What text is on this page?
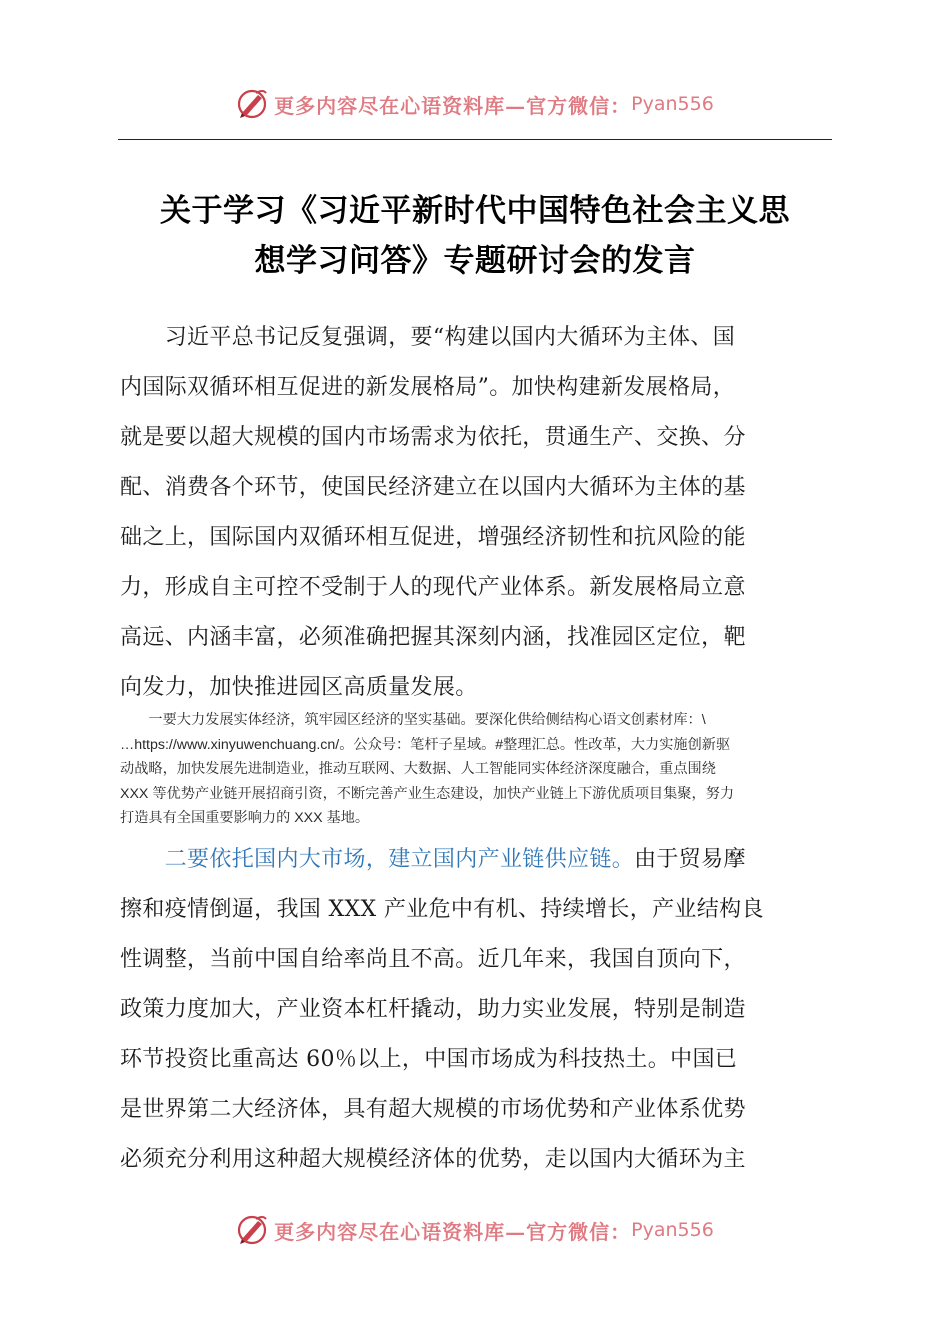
更多内容尽在心语资料库—官方微信： Pyan556
关于学习《习近平新时代中国特色社会主义思
想学习问答》专题研讨会的发言
　　习近平总书记反复强调，要“构建以国内大循环为主体、国
内国际双循环相互促进的新发展格局”。加快构建新发展格局，
就是要以超大规模的国内市场需求为依托，贯通生产、交换、分
配、消费各个环节，使国民经济建立在以国内大循环为主体的基
础之上，国际国内双循环相互促进，增强经济韧性和抗风险的能
力，形成自主可控不受制于人的现代产业体系。新发展格局立意
高远、内涵丰富，必须准确把握其深刻内涵，找准园区定位，靶
向发力，加快推进园区高质量发展。
　　一要大力发展实体经济，筑牢园区经济的坚实基础。要深化供给侧结构心语文创素材库：\
…https://www.xinyuwenchuang.cn/。公众号：笔杆子星域。#整理汇总。性改革，大力实施创新驱
动战略，加快发展先进制造业，推动互联网、大数据、人工智能同实体经济深度融合，重点围绕
XXX 等优势产业链开展招商引资，不断完善产业生态建设，加快产业链上下游优质项目集聚，努力
打造具有全国重要影响力的 XXX 基地。
　　二要依托国内大市场，建立国内产业链供应链。由于贸易摩
擦和疫情倒逼，我国 XXX 产业危中有机、持续增长，产业结构良
性调整，当前中国自给率尚且不高。近几年来，我国自顶向下，
政策力度加大，产业资本杠杆撬动，助力实业发展，特别是制造
环节投资比重高达 60％以上，中国市场成为科技热土。中国已
是世界第二大经济体，具有超大规模的市场优势和产业体系优势
必须充分利用这种超大规模经济体的优势，走以国内大循环为主
更多内容尽在心语资料库—官方微信： Pyan556
